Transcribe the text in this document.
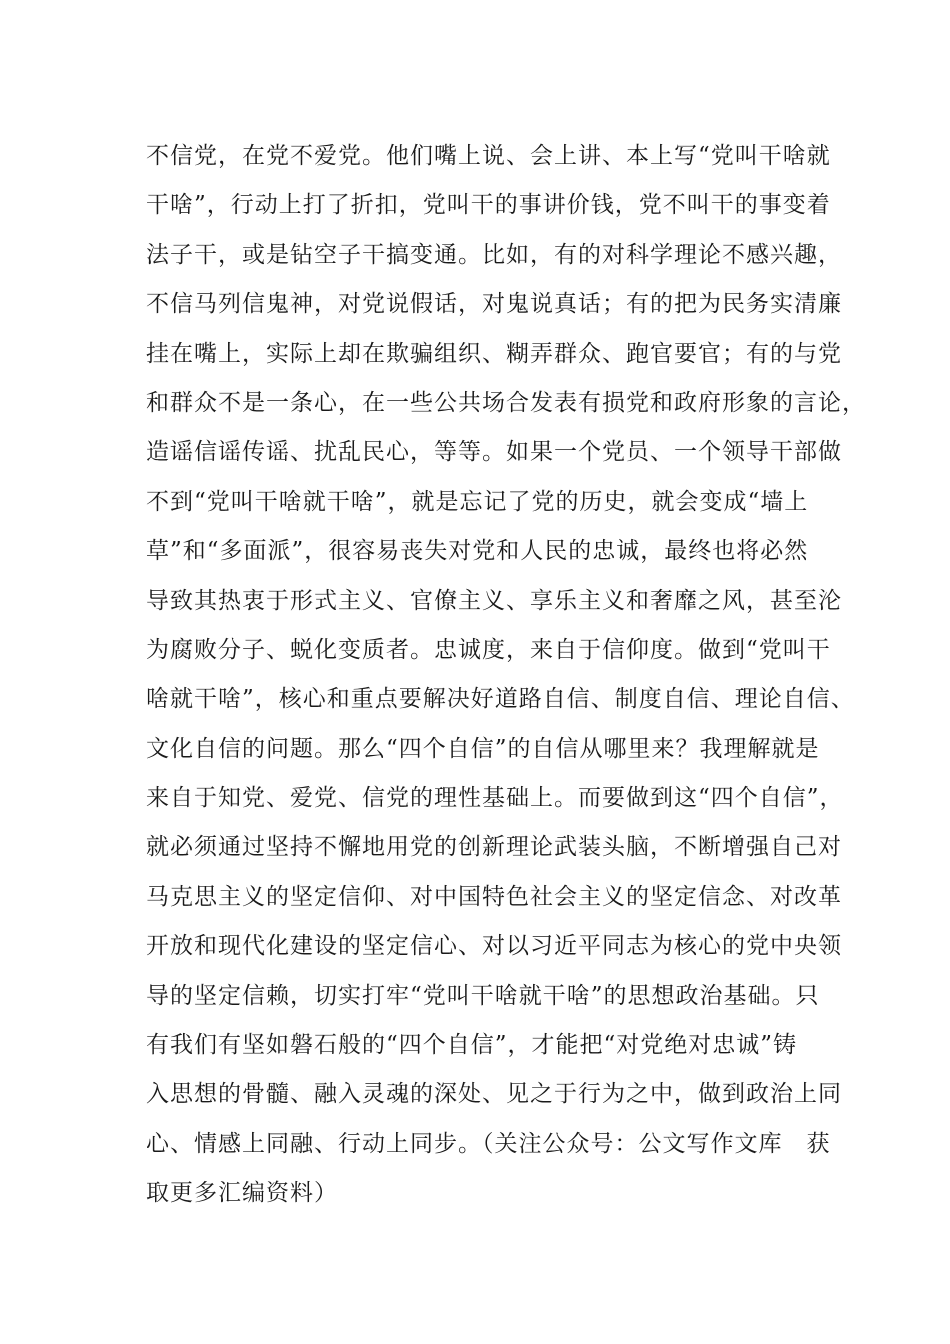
不信党，在党不爱党。他们嘴上说、会上讲、本上写“党叫干啥就
干啥”，行动上打了折扣，党叫干的事讲价钱，党不叫干的事变着
法子干，或是钻空子干搞变通。比如，有的对科学理论不感兴趣，
不信马列信鬼神，对党说假话，对鬼说真话；有的把为民务实清廉
挂在嘴上，实际上却在欺骗组织、糊弄群众、跑官要官；有的与党
和群众不是一条心，在一些公共场合发表有损党和政府形象的言论，
造谣信谣传谣、扰乱民心，等等。如果一个党员、一个领导干部做
不到“党叫干啥就干啥”，就是忘记了党的历史，就会变成“墙上
草”和“多面派”，很容易丧失对党和人民的忠诚，最终也将必然
导致其热衷于形式主义、官僚主义、享乐主义和奢靡之风，甚至沦
为腐败分子、蜕化变质者。忠诚度，来自于信仰度。做到“党叫干
啥就干啥”，核心和重点要解决好道路自信、制度自信、理论自信、
文化自信的问题。那么“四个自信”的自信从哪里来？我理解就是
来自于知党、爱党、信党的理性基础上。而要做到这“四个自信”，
就必须通过坚持不懈地用党的创新理论武装头脑，不断增强自己对
马克思主义的坚定信仰、对中国特色社会主义的坚定信念、对改革
开放和现代化建设的坚定信心、对以习近平同志为核心的党中央领
导的坚定信赖，切实打牢“党叫干啥就干啥”的思想政治基础。只
有我们有坚如磐石般的“四个自信”，才能把“对党绝对忠诚”铸
入思想的骨髓、融入灵魂的深处、见之于行为之中，做到政治上同
心、情感上同融、行动上同步。（关注公众号：公文写作文库　获
取更多汇编资料）
